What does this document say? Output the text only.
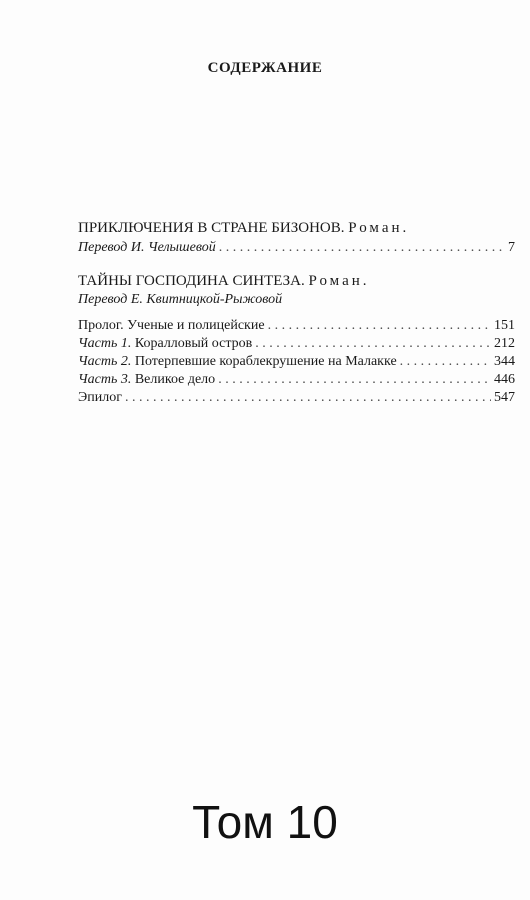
СОДЕРЖАНИЕ
ПРИКЛЮЧЕНИЯ В СТРАНЕ БИЗОНОВ. Роман.
Перевод И. Челышевой . . .	7
ТАЙНЫ ГОСПОДИНА СИНТЕЗА. Роман.
Перевод Е. Квитницкой-Рыжовой
Пролог. Ученые и полицейские . . .	151
Часть 1. Коралловый остров . . .	212
Часть 2. Потерпевшие кораблекрушение на Малакке . . .	344
Часть 3. Великое дело . . .	446
Эпилог . . .	547
Том 10
